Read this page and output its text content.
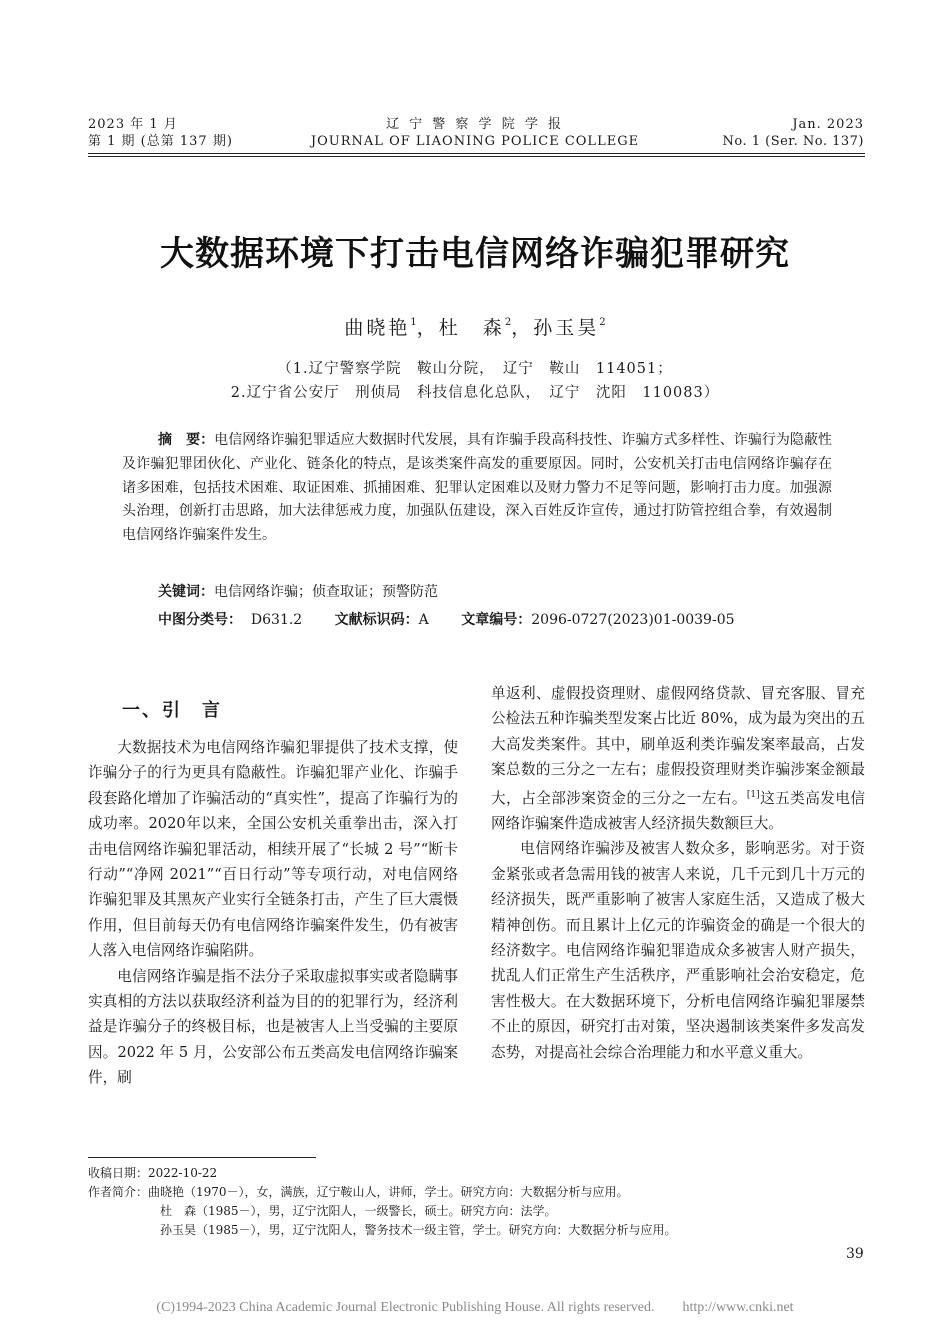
2023 年 1 月
第 1 期 (总第 137 期)
辽 宁 警 察 学 院 学 报
JOURNAL OF LIAONING POLICE COLLEGE
Jan. 2023
No. 1 (Ser. No. 137)
大数据环境下打击电信网络诈骗犯罪研究
曲晓艳$^1$，杜　森$^2$，孙玉昊$^2$
（1.辽宁警察学院　鞍山分院，　辽宁　鞍山　114051；
2.辽宁省公安厅　刑侦局　科技信息化总队，　辽宁　沈阳　110083）
摘　要：电信网络诈骗犯罪适应大数据时代发展，具有诈骗手段高科技性、诈骗方式多样性、诈骗行为隐蔽性及诈骗犯罪团伙化、产业化、链条化的特点，是该类案件高发的重要原因。同时，公安机关打击电信网络诈骗存在诸多困难，包括技术困难、取证困难、抓捕困难、犯罪认定困难以及财力警力不足等问题，影响打击力度。加强源头治理，创新打击思路，加大法律惩戒力度，加强队伍建设，深入百姓反诈宣传，通过打防管控组合拳，有效遏制电信网络诈骗案件发生。
关键词：电信网络诈骗；侦查取证；预警防范
中图分类号： D631.2 文献标识码：A 文章编号：2096-0727(2023)01-0039-05
一、引　言

大数据技术为电信网络诈骗犯罪提供了技术支撑，使诈骗分子的行为更具有隐蔽性。诈骗犯罪产业化、诈骗手段套路化增加了诈骗活动的“真实性”，提高了诈骗行为的成功率。2020年以来，全国公安机关重拳出击，深入打击电信网络诈骗犯罪活动，相续开展了“长城 2 号”“断卡行动”“净网 2021”“百日行动”等专项行动，对电信网络诈骗犯罪及其黑灰产业实行全链条打击，产生了巨大震慑作用，但目前每天仍有电信网络诈骗案件发生，仍有被害人落入电信网络诈骗陷阱。

电信网络诈骗是指不法分子采取虚拟事实或者隐瞒事实真相的方法以获取经济利益为目的的犯罪行为，经济利益是诈骗分子的终极目标，也是被害人上当受骗的主要原因。2022 年 5 月，公安部公布五类高发电信网络诈骗案件，刷

单返利、虚假投资理财、虚假网络贷款、冒充客服、冒充公检法五种诈骗类型发案占比近 80%，成为最为突出的五大高发类案件。其中，刷单返利类诈骗发案率最高，占发案总数的三分之一左右；虚假投资理财类诈骗涉案金额最大，占全部涉案资金的三分之一左右。[1]这五类高发电信网络诈骗案件造成被害人经济损失数额巨大。

电信网络诈骗涉及被害人数众多，影响恶劣。对于资金紧张或者急需用钱的被害人来说，几千元到几十万元的经济损失，既严重影响了被害人家庭生活，又造成了极大精神创伤。而且累计上亿元的诈骗资金的确是一个很大的经济数字。电信网络诈骗犯罪造成众多被害人财产损失，扰乱人们正常生产生活秩序，严重影响社会治安稳定，危害性极大。在大数据环境下，分析电信网络诈骗犯罪屡禁不止的原因，研究打击对策，坚决遏制该类案件多发高发态势，对提高社会综合治理能力和水平意义重大。

收稿日期：2022-10-22
作者简介：曲晓艳（1970－），女，满族，辽宁鞍山人，讲师，学士。研究方向：大数据分析与应用。
杜　森（1985－），男，辽宁沈阳人，一级警长，硕士。研究方向：法学。
孙玉昊（1985－），男，辽宁沈阳人，警务技术一级主管，学士。研究方向：大数据分析与应用。
39
(C)1994-2023 China Academic Journal Electronic Publishing House. All rights reserved.　　http://www.cnki.net
